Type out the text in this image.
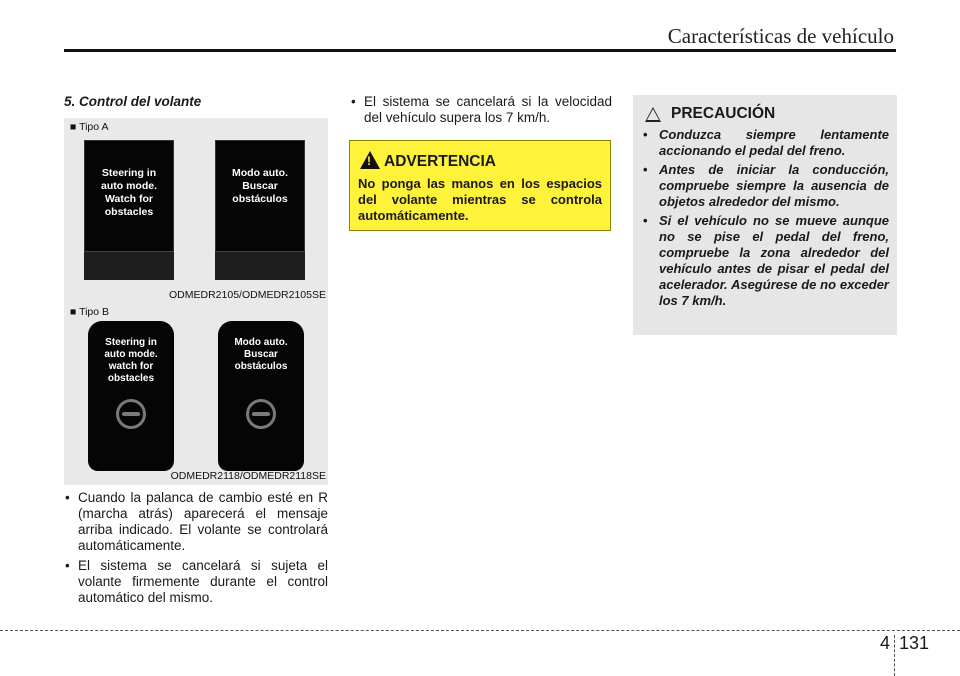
Características de vehículo
5. Control del volante
■ Tipo A
Steering in
auto mode.
Watch for
obstacles
Modo auto.
Buscar
obstáculos
ODMEDR2105/ODMEDR2105SE
■ Tipo B
Steering in
auto mode.
watch for
obstacles
Modo auto.
Buscar
obstáculos
ODMEDR2118/ODMEDR2118SE
• Cuando la palanca de cambio esté en R (marcha atrás) aparecerá el mensaje arriba indicado. El volante se controlará automáticamente.
• El sistema se cancelará si sujeta el volante firmemente durante el control automático del mismo.
• El sistema se cancelará si la velocidad del vehículo supera los 7 km/h.
!
ADVERTENCIA
No ponga las manos en los espacios del volante mientras se controla automáticamente.
PRECAUCIÓN
• Conduzca siempre lentamente accionando el pedal del freno.
• Antes de iniciar la conducción, compruebe siempre la ausencia de objetos alrededor del mismo.
• Si el vehículo no se mueve aunque no se pise el pedal del freno, compruebe la zona alrededor del vehículo antes de pisar el pedal del acelerador. Asegúrese de no exceder los 7 km/h.
4 131
